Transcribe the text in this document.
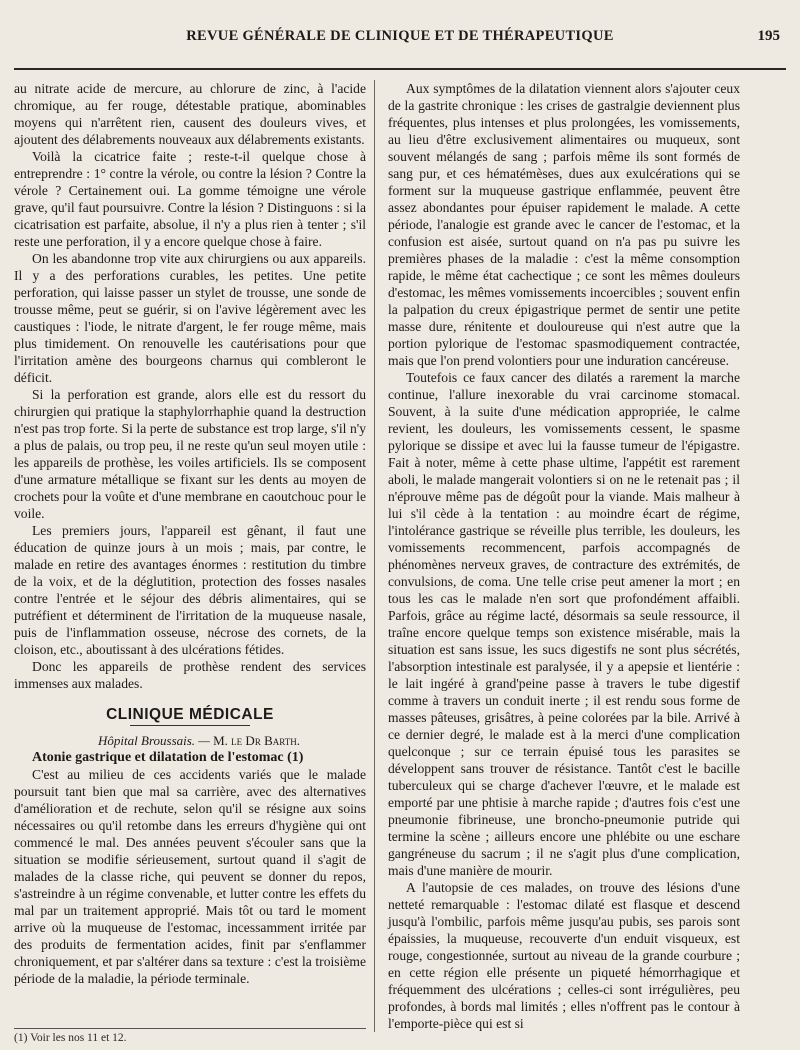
REVUE GÉNÉRALE DE CLINIQUE ET DE THÉRAPEUTIQUE	195

au nitrate acide de mercure, au chlorure de zinc, à l'acide chromique, au fer rouge, détestable pratique, abominables moyens qui n'arrêtent rien, causent des douleurs vives, et ajoutent des délabrements nouveaux aux délabrements existants.

Voilà la cicatrice faite ; reste-t-il quelque chose à entreprendre : 1° contre la vérole, ou contre la lésion ? Contre la vérole ? Certainement oui. La gomme témoigne une vérole grave, qu'il faut poursuivre. Contre la lésion ? Distinguons : si la cicatrisation est parfaite, absolue, il n'y a plus rien à tenter ; s'il reste une perforation, il y a encore quelque chose à faire.

On les abandonne trop vite aux chirurgiens ou aux appareils. Il y a des perforations curables, les petites. Une petite perforation, qui laisse passer un stylet de trousse, une sonde de trousse même, peut se guérir, si on l'avive légèrement avec les caustiques : l'iode, le nitrate d'argent, le fer rouge même, mais plus timidement. On renouvelle les cautérisations pour que l'irritation amène des bourgeons charnus qui combleront le déficit.

Si la perforation est grande, alors elle est du ressort du chirurgien qui pratique la staphylorrhaphie quand la destruction n'est pas trop forte. Si la perte de substance est trop large, s'il n'y a plus de palais, ou trop peu, il ne reste qu'un seul moyen utile : les appareils de prothèse, les voiles artificiels. Ils se composent d'une armature métallique se fixant sur les dents au moyen de crochets pour la voûte et d'une membrane en caoutchouc pour le voile.

Les premiers jours, l'appareil est gênant, il faut une éducation de quinze jours à un mois ; mais, par contre, le malade en retire des avantages énormes : restitution du timbre de la voix, et de la déglutition, protection des fosses nasales contre l'entrée et le séjour des débris alimentaires, qui se putréfient et déterminent de l'irritation de la muqueuse nasale, puis de l'inflammation osseuse, nécrose des cornets, de la cloison, etc., aboutissant à des ulcérations fétides.

Donc les appareils de prothèse rendent des services immenses aux malades.

CLINIQUE MÉDICALE

Hôpital Broussais. — M. le Dr Barth.

Atonie gastrique et dilatation de l'estomac (1)

C'est au milieu de ces accidents variés que le malade poursuit tant bien que mal sa carrière, avec des alternatives d'amélioration et de rechute, selon qu'il se résigne aux soins nécessaires ou qu'il retombe dans les erreurs d'hygiène qui ont commencé le mal. Des années peuvent s'écouler sans que la situation se modifie sérieusement, surtout quand il s'agit de malades de la classe riche, qui peuvent se donner du repos, s'astreindre à un régime convenable, et lutter contre les effets du mal par un traitement approprié. Mais tôt ou tard le moment arrive où la muqueuse de l'estomac, incessamment irritée par des produits de fermentation acides, finit par s'enflammer chroniquement, et par s'altérer dans sa texture : c'est la troisième période de la maladie, la période terminale.

Aux symptômes de la dilatation viennent alors s'ajouter ceux de la gastrite chronique : les crises de gastralgie deviennent plus fréquentes, plus intenses et plus prolongées, les vomissements, au lieu d'être exclusivement alimentaires ou muqueux, sont souvent mélangés de sang ; parfois même ils sont formés de sang pur, et ces hématémèses, dues aux exulcérations qui se forment sur la muqueuse gastrique enflammée, peuvent être assez abondantes pour épuiser rapidement le malade. A cette période, l'analogie est grande avec le cancer de l'estomac, et la confusion est aisée, surtout quand on n'a pas pu suivre les premières phases de la maladie : c'est la même consomption rapide, le même état cachectique ; ce sont les mêmes douleurs d'estomac, les mêmes vomissements incoercibles ; souvent enfin la palpation du creux épigastrique permet de sentir une petite masse dure, rénitente et douloureuse qui n'est autre que la portion pylorique de l'estomac spasmodiquement contractée, mais que l'on prend volontiers pour une induration cancéreuse.

Toutefois ce faux cancer des dilatés a rarement la marche continue, l'allure inexorable du vrai carcinome stomacal. Souvent, à la suite d'une médication appropriée, le calme revient, les douleurs, les vomissements cessent, le spasme pylorique se dissipe et avec lui la fausse tumeur de l'épigastre. Fait à noter, même à cette phase ultime, l'appétit est rarement aboli, le malade mangerait volontiers si on ne le retenait pas ; il n'éprouve même pas de dégoût pour la viande. Mais malheur à lui s'il cède à la tentation : au moindre écart de régime, l'intolérance gastrique se réveille plus terrible, les douleurs, les vomissements recommencent, parfois accompagnés de phénomènes nerveux graves, de contracture des extrémités, de convulsions, de coma. Une telle crise peut amener la mort ; en tous les cas le malade n'en sort que profondément affaibli. Parfois, grâce au régime lacté, désormais sa seule ressource, il traîne encore quelque temps son existence misérable, mais la situation est sans issue, les sucs digestifs ne sont plus sécrétés, l'absorption intestinale est paralysée, il y a apepsie et lientérie : le lait ingéré à grand'peine passe à travers le tube digestif comme à travers un conduit inerte ; il est rendu sous forme de masses pâteuses, grisâtres, à peine colorées par la bile. Arrivé à ce dernier degré, le malade est à la merci d'une complication quelconque ; sur ce terrain épuisé tous les parasites se développent sans trouver de résistance. Tantôt c'est le bacille tuberculeux qui se charge d'achever l'œuvre, et le malade est emporté par une phtisie à marche rapide ; d'autres fois c'est une pneumonie fibrineuse, une broncho-pneumonie putride qui termine la scène ; ailleurs encore une phlébite ou une eschare gangréneuse du sacrum ; il ne s'agit plus d'une complication, mais d'une manière de mourir.

A l'autopsie de ces malades, on trouve des lésions d'une netteté remarquable : l'estomac dilaté est flasque et descend jusqu'à l'ombilic, parfois même jusqu'au pubis, ses parois sont épaissies, la muqueuse, recouverte d'un enduit visqueux, est rouge, congestionnée, surtout au niveau de la grande courbure ; en cette région elle présente un piqueté hémorrhagique et fréquemment des ulcérations ; celles-ci sont irrégulières, peu profondes, à bords mal limités ; elles n'offrent pas le contour à l'emporte-pièce qui est si

(1) Voir les nos 11 et 12.
